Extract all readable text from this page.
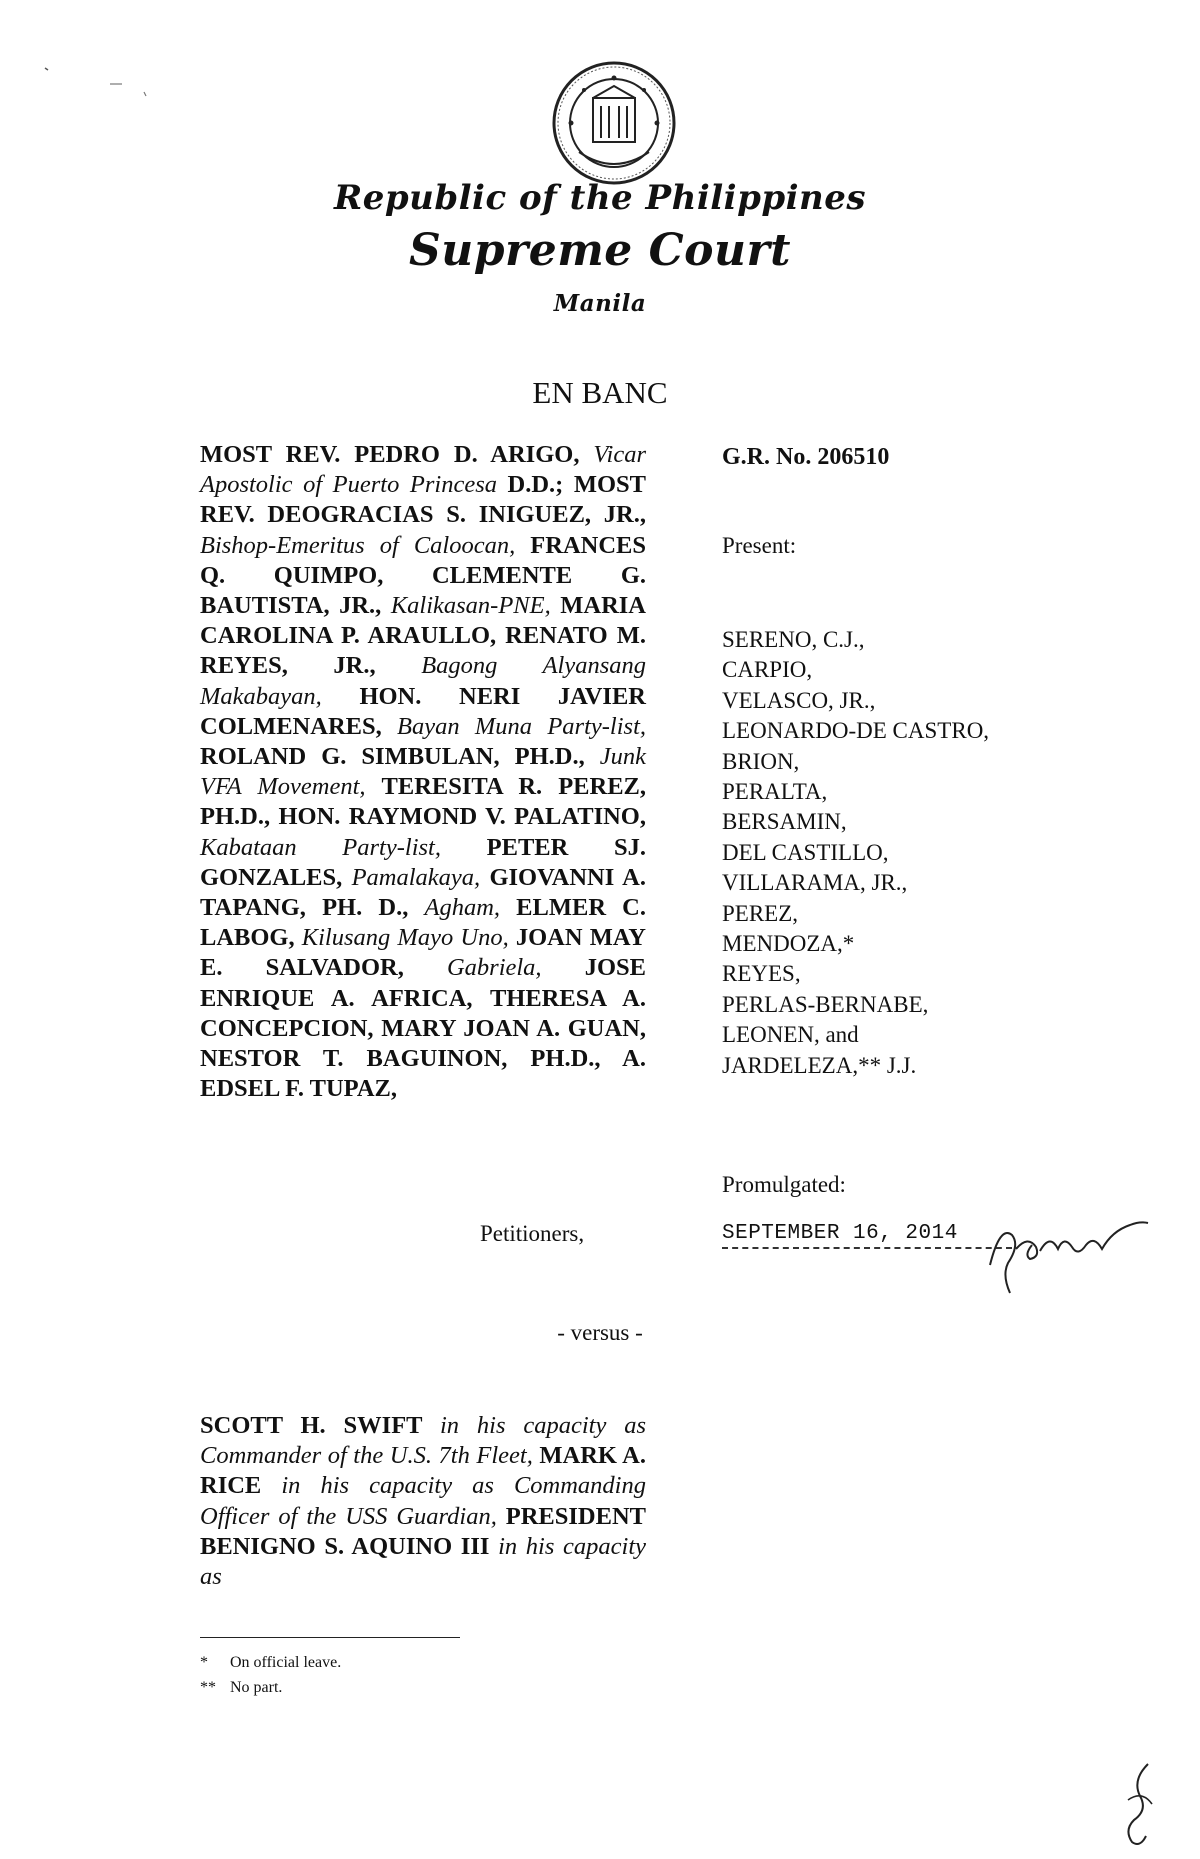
Republic of the Philippines
Supreme Court
Manila
EN BANC
MOST REV. PEDRO D. ARIGO, Vicar Apostolic of Puerto Princesa D.D.; MOST REV. DEOGRACIAS S. INIGUEZ, JR., Bishop-Emeritus of Caloocan, FRANCES Q. QUIMPO, CLEMENTE G. BAUTISTA, JR., Kalikasan-PNE, MARIA CAROLINA P. ARAULLO, RENATO M. REYES, JR., Bagong Alyansang Makabayan, HON. NERI JAVIER COLMENARES, Bayan Muna Party-list, ROLAND G. SIMBULAN, PH.D., Junk VFA Movement, TERESITA R. PEREZ, PH.D., HON. RAYMOND V. PALATINO, Kabataan Party-list, PETER SJ. GONZALES, Pamalakaya, GIOVANNI A. TAPANG, PH. D., Agham, ELMER C. LABOG, Kilusang Mayo Uno, JOAN MAY E. SALVADOR, Gabriela, JOSE ENRIQUE A. AFRICA, THERESA A. CONCEPCION, MARY JOAN A. GUAN, NESTOR T. BAGUINON, PH.D., A. EDSEL F. TUPAZ,
Petitioners,
G.R. No. 206510
Present:
SERENO, C.J.,
CARPIO,
VELASCO, JR.,
LEONARDO-DE CASTRO,
BRION,
PERALTA,
BERSAMIN,
DEL CASTILLO,
VILLARAMA, JR.,
PEREZ,
MENDOZA,*
REYES,
PERLAS-BERNABE,
LEONEN, and
JARDELEZA,** J.J.
Promulgated:
SEPTEMBER 16, 2014
- versus -
SCOTT H. SWIFT in his capacity as Commander of the U.S. 7th Fleet, MARK A. RICE in his capacity as Commanding Officer of the USS Guardian, PRESIDENT BENIGNO S. AQUINO III in his capacity as
* On official leave.
** No part.
